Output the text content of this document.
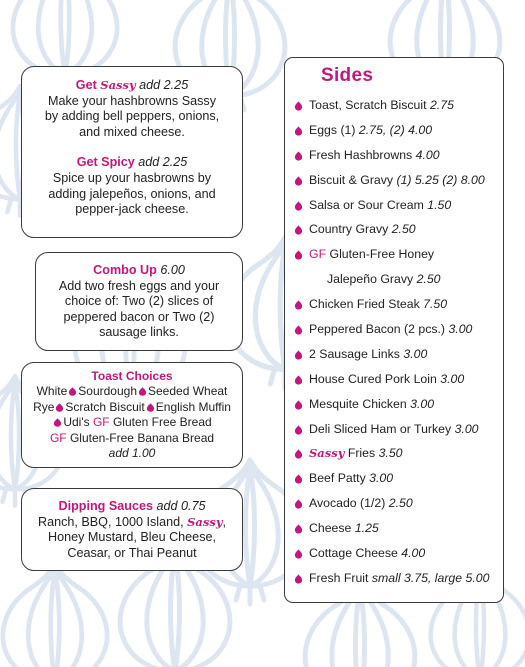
Get Sassy add 2.25
Make your hashbrowns Sassy
by adding bell peppers, onions,
and mixed cheese.
Get Spicy add 2.25
Spice up your hasbrowns by
adding jalepeños, onions, and
pepper-jack cheese.
Combo Up 6.00
Add two fresh eggs and your
choice of: Two (2) slices of
peppered bacon or Two (2)
sausage links.
Toast Choices
White Sourdough Seeded Wheat
Rye Scratch Biscuit English Muffin
Udi's GF Gluten Free Bread
GF Gluten-Free Banana Bread
add 1.00
Dipping Sauces add 0.75
Ranch, BBQ, 1000 Island, Sassy,
Honey Mustard, Bleu Cheese,
Ceasar, or Thai Peanut
Sides
Toast, Scratch Biscuit 2.75
Eggs (1) 2.75, (2) 4.00
Fresh Hashbrowns 4.00
Biscuit & Gravy (1) 5.25 (2) 8.00
Salsa or Sour Cream 1.50
Country Gravy 2.50
GF Gluten-Free Honey
Jalepeño Gravy 2.50
Chicken Fried Steak 7.50
Peppered Bacon (2 pcs.) 3.00
2 Sausage Links 3.00
House Cured Pork Loin 3.00
Mesquite Chicken 3.00
Deli Sliced Ham or Turkey 3.00
Sassy Fries 3.50
Beef Patty 3.00
Avocado (1/2) 2.50
Cheese 1.25
Cottage Cheese 4.00
Fresh Fruit small 3.75, large 5.00
